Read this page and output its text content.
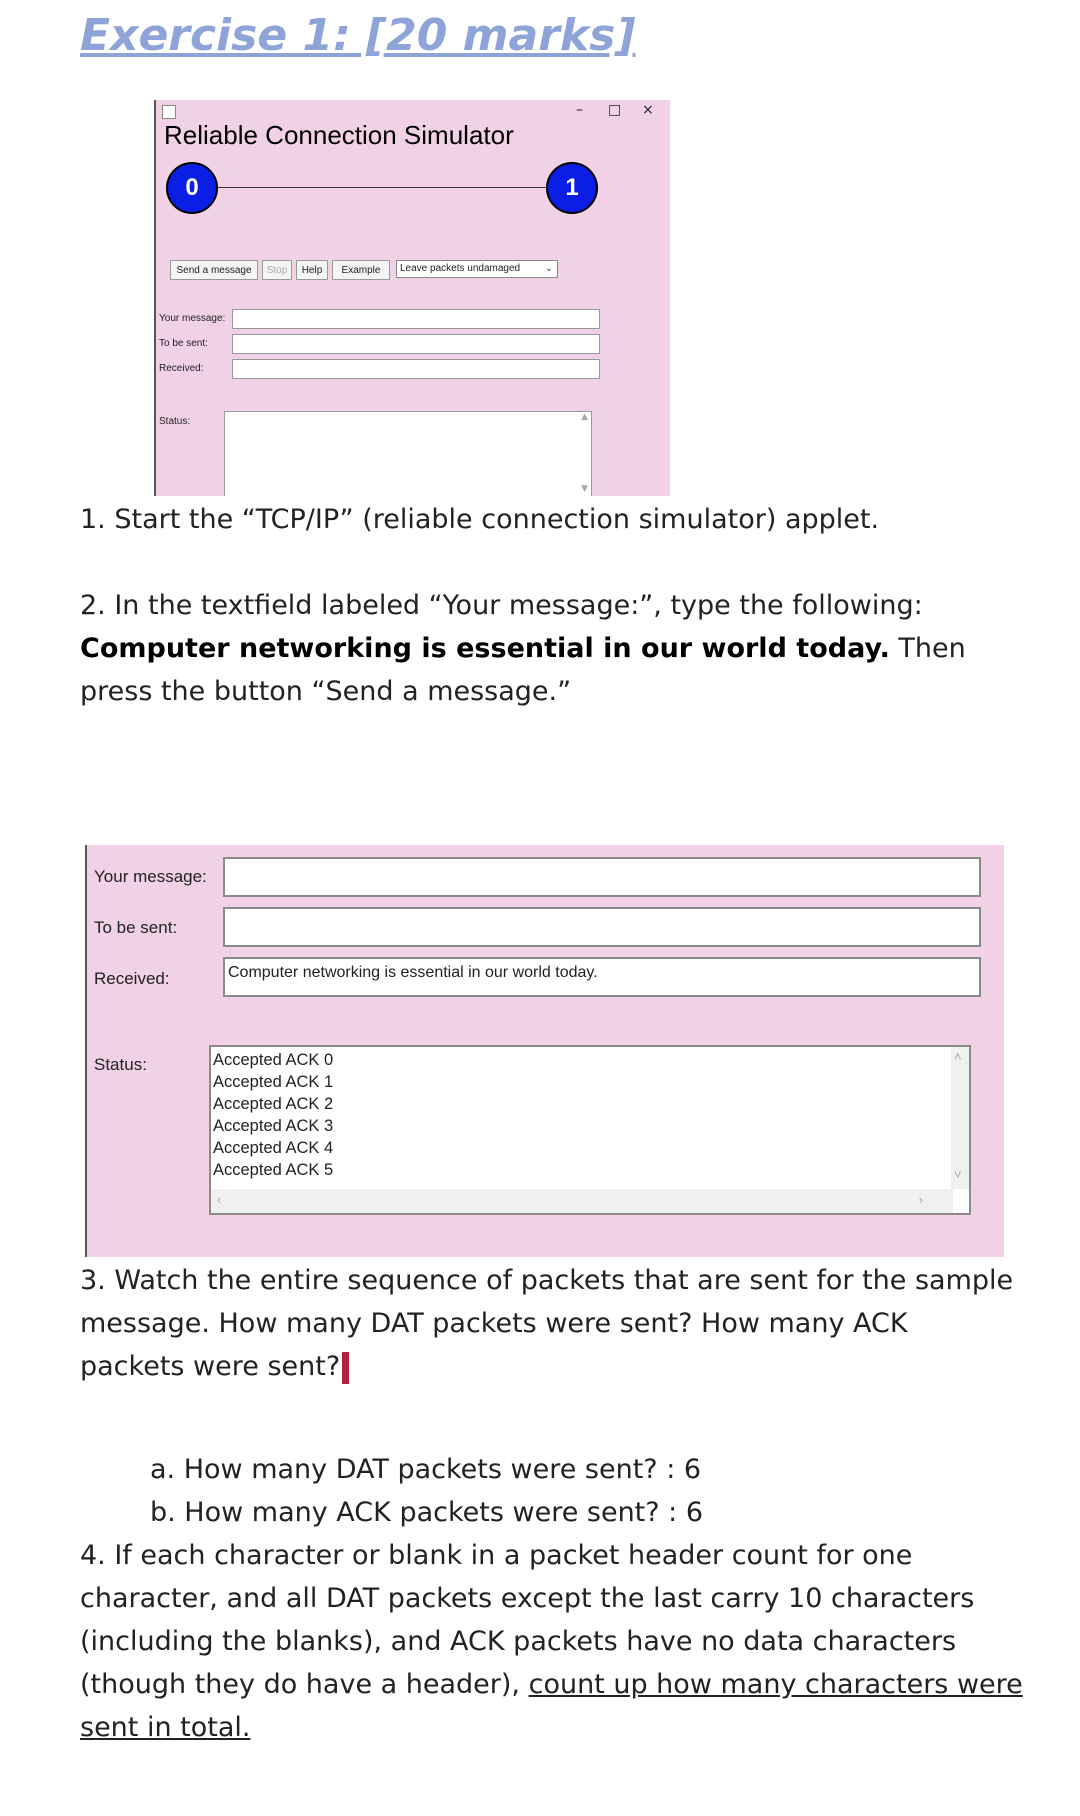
Exercise 1: [20 marks]
– □ ×
Reliable Connection Simulator
0	1
Send a message	Stop	Help	Example	Leave packets undamaged ⌄
Your message:
To be sent:
Received:
Status:	▲
▼
1. Start the “TCP/IP” (reliable connection simulator) applet.
2. In the textfield labeled “Your message:”, type the following:
Computer networking is essential in our world today. Then press the button “Send a message.”
Your message:
To be sent:
Received:	Computer networking is essential in our world today.
Status:	Accepted ACK 0
Accepted ACK 1
Accepted ACK 2
Accepted ACK 3
Accepted ACK 4
Accepted ACK 5
˄
˅
‹	›
3. Watch the entire sequence of packets that are sent for the sample message. How many DAT packets were sent? How many ACK packets were sent?
a. How many DAT packets were sent? : 6
b. How many ACK packets were sent? : 6
4. If each character or blank in a packet header count for one character, and all DAT packets except the last carry 10 characters (including the blanks), and ACK packets have no data characters (though they do have a header), count up how many characters were sent in total.
